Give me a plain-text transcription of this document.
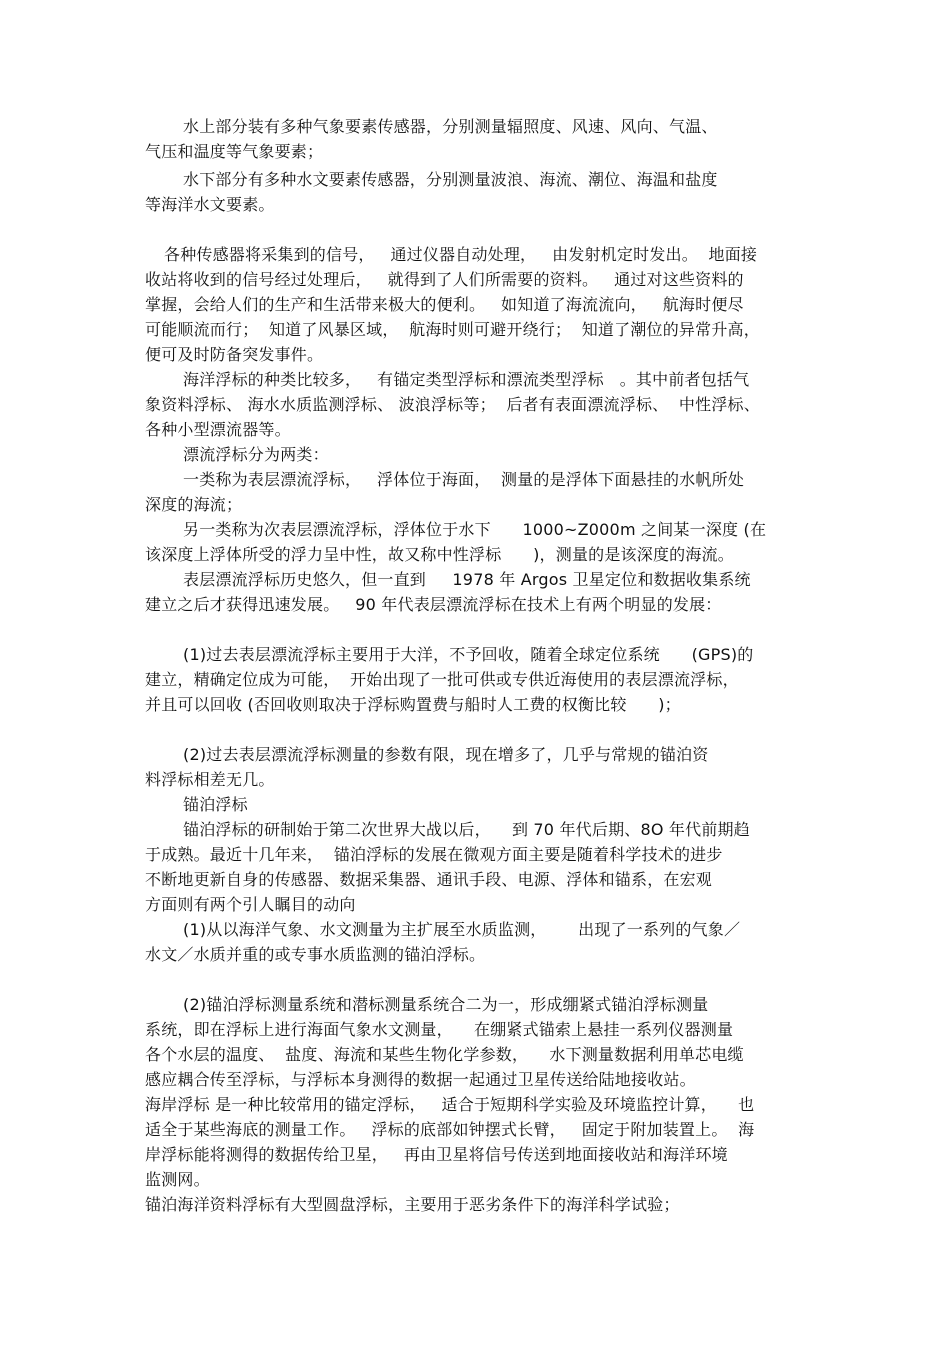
水上部分装有多种气象要素传感器，分别测量辐照度、风速、风向、气温、
气压和温度等气象要素；
水下部分有多种水文要素传感器，分别测量波浪、海流、潮位、海温和盐度
等海洋水文要素。
各种传感器将采集到的信号，   通过仪器自动处理，   由发射机定时发出。  地面接
收站将收到的信号经过处理后，   就得到了人们所需要的资料。   通过对这些资料的
掌握，会给人们的生产和生活带来极大的便利。   如知道了海流流向，   航海时便尽
可能顺流而行；  知道了风暴区域，  航海时则可避开绕行；  知道了潮位的异常升高，
便可及时防备突发事件。
海洋浮标的种类比较多，   有锚定类型浮标和漂流类型浮标   。其中前者包括气
象资料浮标、 海水水质监测浮标、 波浪浮标等；  后者有表面漂流浮标、  中性浮标、
各种小型漂流器等。
漂流浮标分为两类：
一类称为表层漂流浮标，   浮体位于海面，  测量的是浮体下面悬挂的水帆所处
深度的海流；
另一类称为次表层漂流浮标，浮体位于水下      1000~Z000m 之间某一深度 (在
该深度上浮体所受的浮力呈中性，故又称中性浮标      )，测量的是该深度的海流。
表层漂流浮标历史悠久，但一直到     1978 年 Argos 卫星定位和数据收集系统
建立之后才获得迅速发展。   90 年代表层漂流浮标在技术上有两个明显的发展：
(1)过去表层漂流浮标主要用于大洋，不予回收，随着全球定位系统      (GPS)的
建立，精确定位成为可能，  开始出现了一批可供或专供近海使用的表层漂流浮标，
并且可以回收 (否回收则取决于浮标购置费与船时人工费的权衡比较      )；
(2)过去表层漂流浮标测量的参数有限，现在增多了，几乎与常规的锚泊资
料浮标相差无几。
锚泊浮标
锚泊浮标的研制始于第二次世界大战以后，    到 70 年代后期、8O 年代前期趋
于成熟。最近十几年来，  锚泊浮标的发展在微观方面主要是随着科学技术的进步
不断地更新自身的传感器、数据采集器、通讯手段、电源、浮体和锚系，在宏观
方面则有两个引人瞩目的动向
(1)从以海洋气象、水文测量为主扩展至水质监测，      出现了一系列的气象／
水文／水质并重的或专事水质监测的锚泊浮标。
(2)锚泊浮标测量系统和潜标测量系统合二为一，形成绷紧式锚泊浮标测量
系统，即在浮标上进行海面气象水文测量，    在绷紧式锚索上悬挂一系列仪器测量
各个水层的温度、  盐度、海流和某些生物化学参数，    水下测量数据利用单芯电缆
感应耦合传至浮标，与浮标本身测得的数据一起通过卫星传送给陆地接收站。
海岸浮标 是一种比较常用的锚定浮标，   适合于短期科学实验及环境监控计算，    也
适全于某些海底的测量工作。   浮标的底部如钟摆式长臂，   固定于附加装置上。  海
岸浮标能将测得的数据传给卫星，   再由卫星将信号传送到地面接收站和海洋环境
监测网。
锚泊海洋资料浮标有大型圆盘浮标，主要用于恶劣条件下的海洋科学试验；
